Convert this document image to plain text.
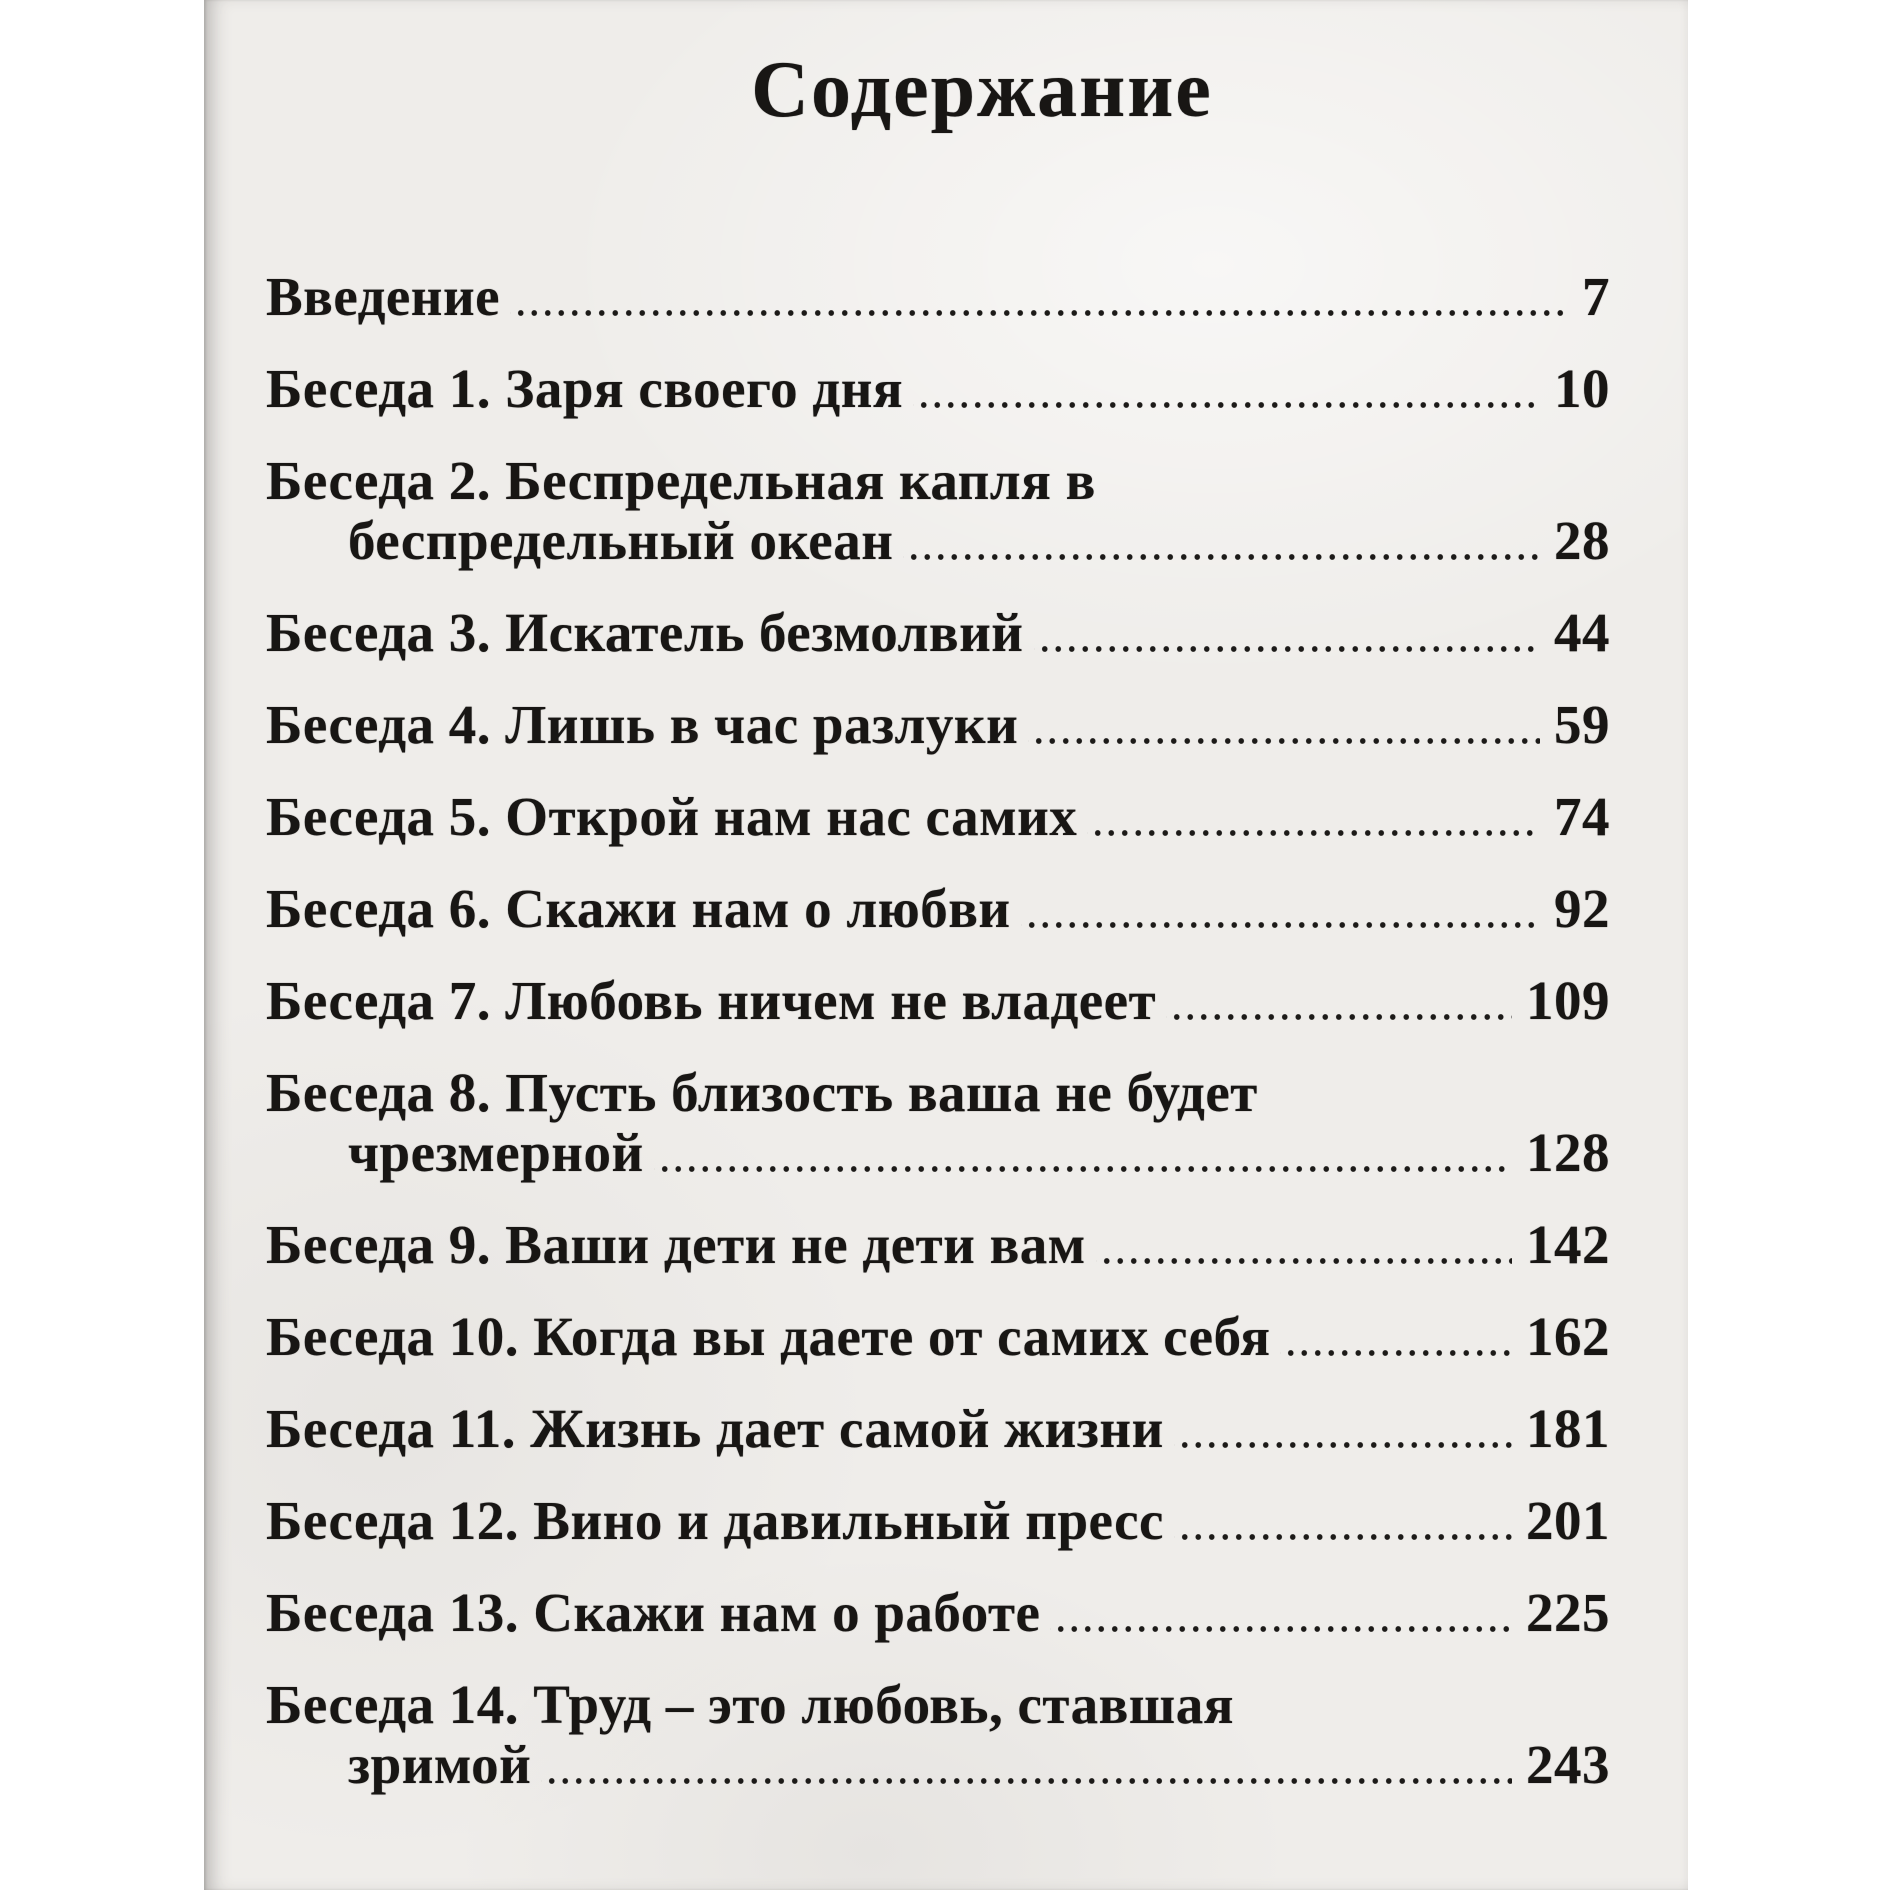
Содержание
Введение	7
Беседа 1. Заря своего дня	10
Беседа 2. Беспредельная капля в
беспредельный океан	28
Беседа 3. Искатель безмолвий	44
Беседа 4. Лишь в час разлуки	59
Беседа 5. Открой нам нас самих	74
Беседа 6. Скажи нам о любви	92
Беседа 7. Любовь ничем не владеет	109
Беседа 8. Пусть близость ваша не будет
чрезмерной	128
Беседа 9. Ваши дети не дети вам	142
Беседа 10. Когда вы даете от самих себя	162
Беседа 11. Жизнь дает самой жизни	181
Беседа 12. Вино и давильный пресс	201
Беседа 13. Скажи нам о работе	225
Беседа 14. Труд – это любовь, ставшая
зримой	243
